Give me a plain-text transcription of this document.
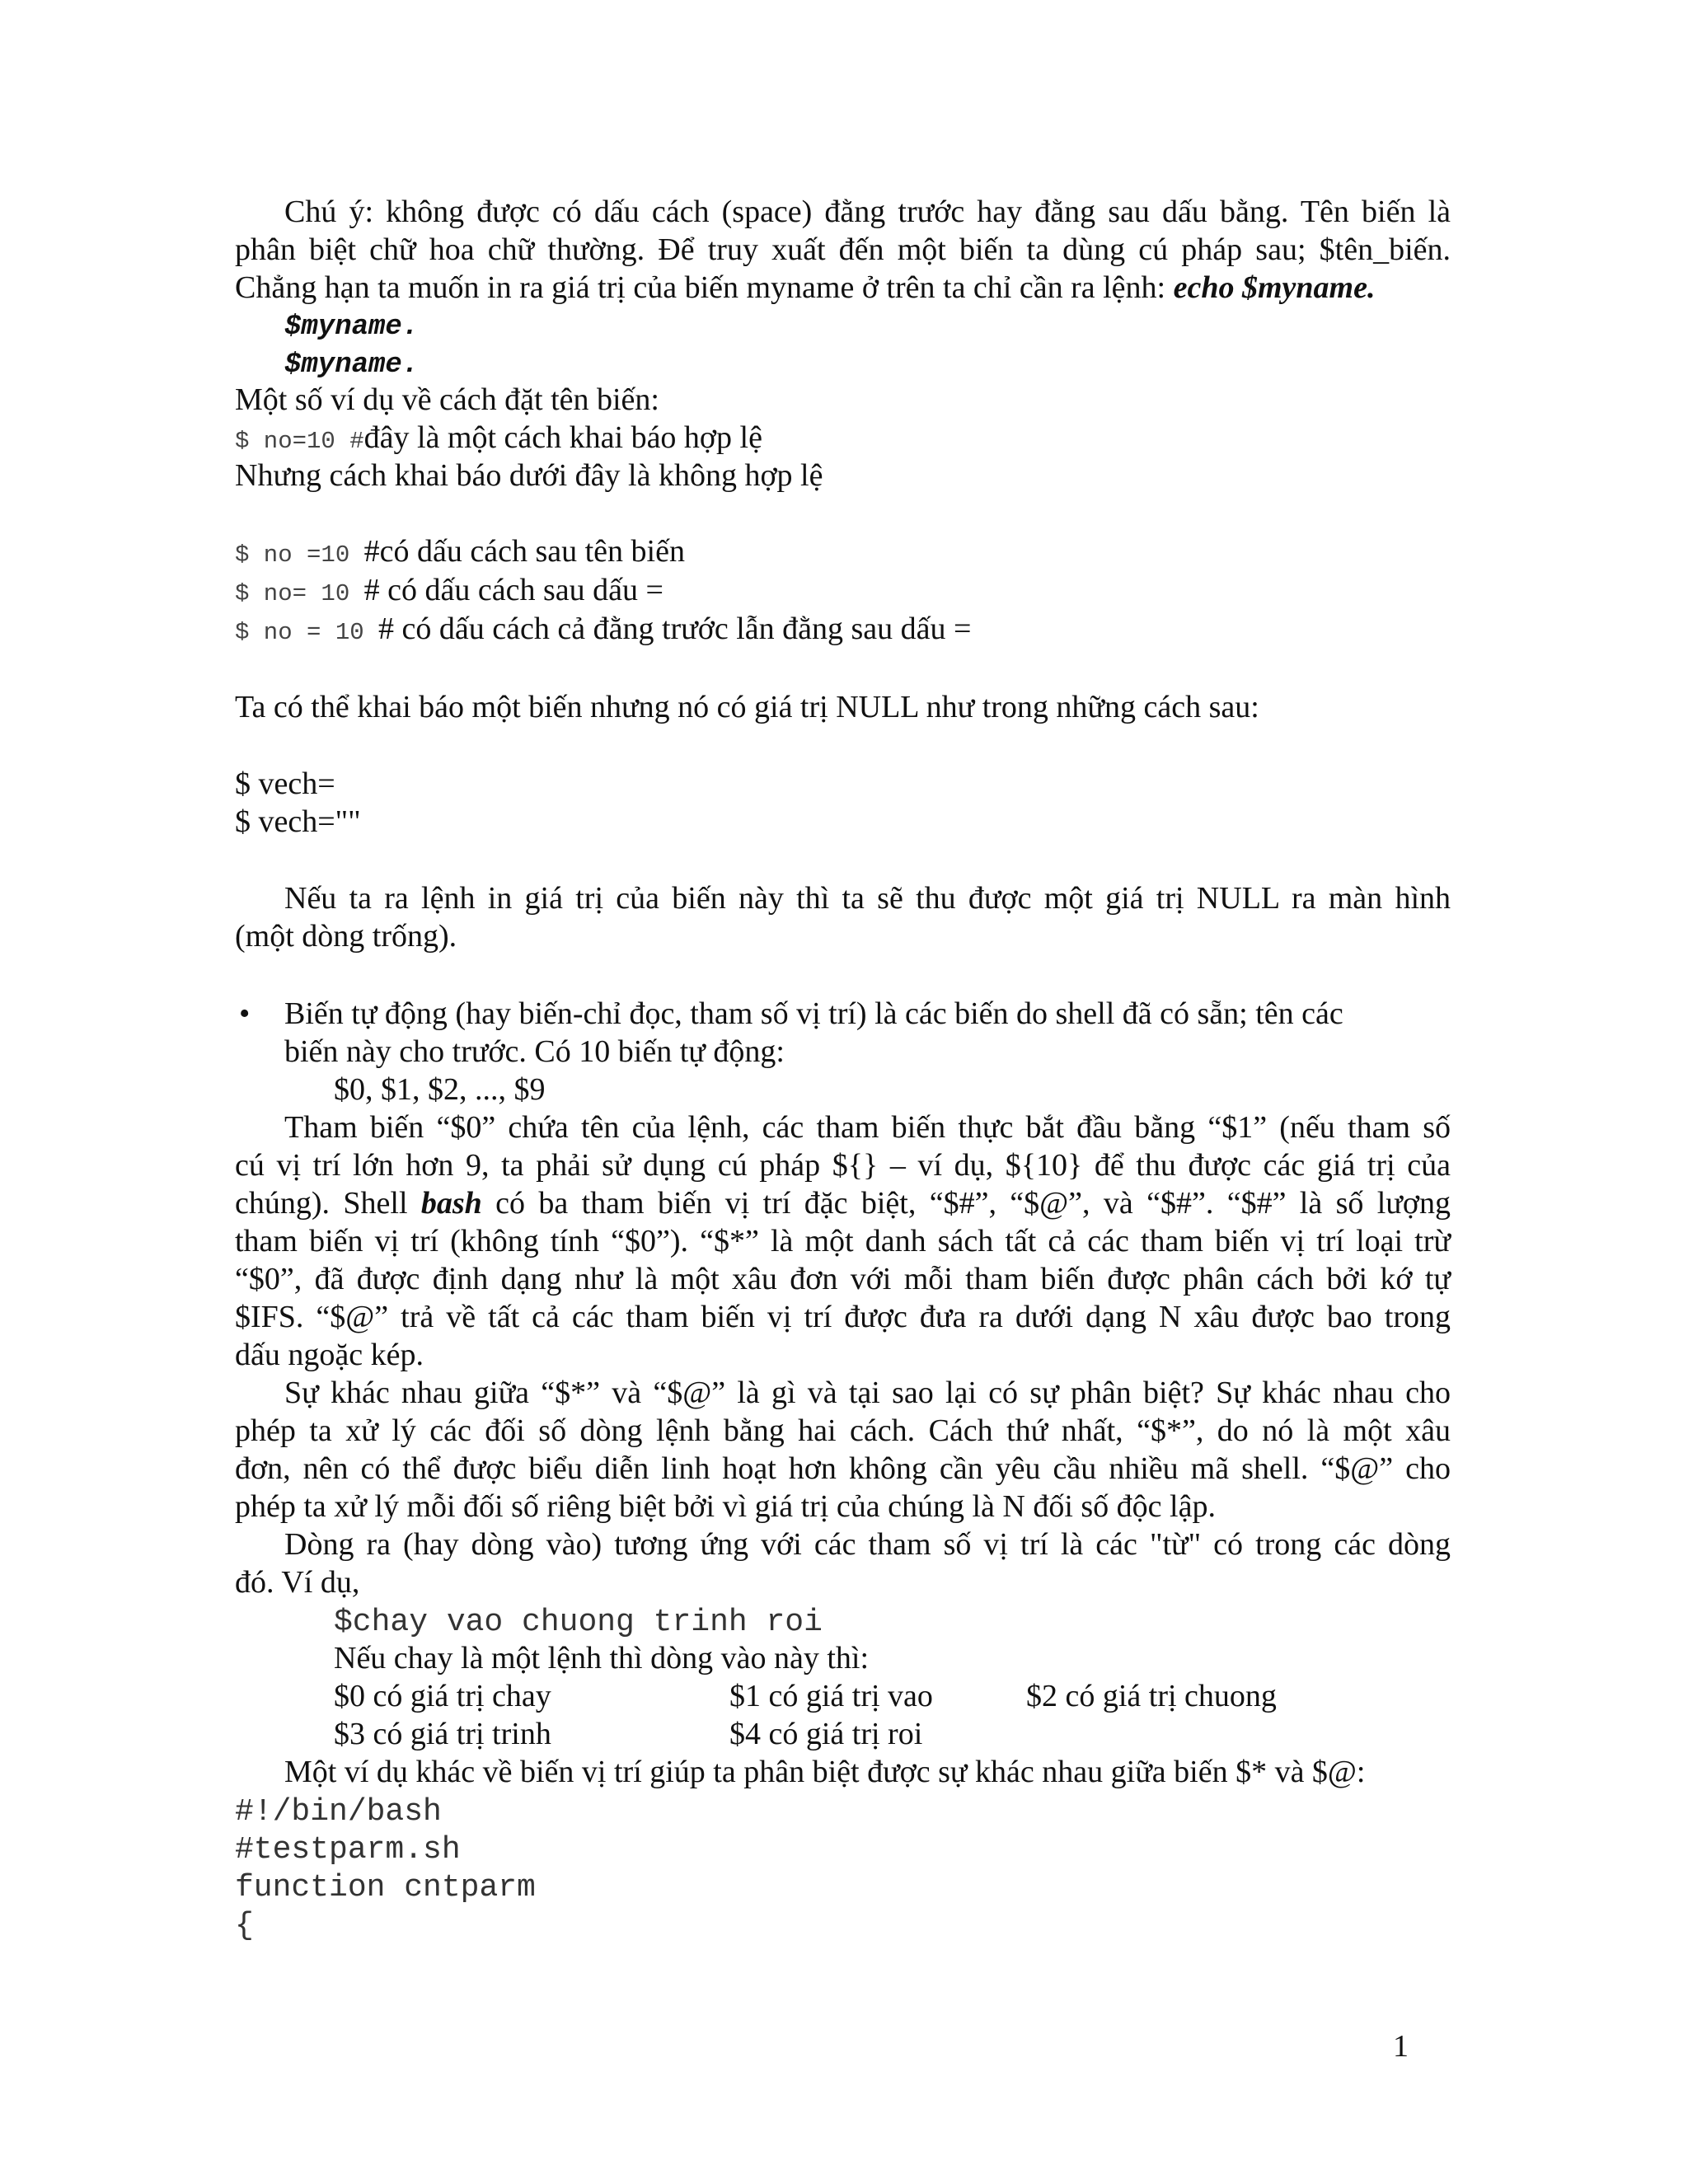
Chú ý: không được có dấu cách (space) đằng trước hay đằng sau dấu bằng. Tên biến là
phân biệt chữ hoa chữ thường. Để truy xuất đến một biến ta dùng cú pháp sau; $tên_biến.
Chẳng hạn ta muốn in ra giá trị của biến myname ở trên ta chỉ cần ra lệnh: echo $myname.
$myname.
$myname.
Một số ví dụ về cách đặt tên biến:
$ no=10 #đây là một cách khai báo hợp lệ
Nhưng cách khai báo dưới đây là không hợp lệ
$ no =10 #có dấu cách sau tên biến
$ no= 10 # có dấu cách sau dấu =
$ no = 10 # có dấu cách cả đằng trước lẫn đằng sau dấu =
Ta có thể khai báo một biến nhưng nó có giá trị NULL như trong những cách sau:
$ vech=
$ vech=""
Nếu ta ra lệnh in giá trị của biến này thì ta sẽ thu được một giá trị NULL ra màn hình
(một dòng trống).
• Biến tự động (hay biến-chỉ đọc, tham số vị trí) là các biến do shell đã có sẵn; tên các
biến này cho trước. Có 10 biến tự động:
$0, $1, $2, ..., $9
Tham biến “$0” chứa tên của lệnh, các tham biến thực bắt đầu bằng “$1” (nếu tham số
cú vị trí lớn hơn 9, ta phải sử dụng cú pháp ${} – ví dụ, ${10} để thu được các giá trị của
chúng). Shell bash có ba tham biến vị trí đặc biệt, “$#”, “$@”, và “$#”. “$#” là số lượng
tham biến vị trí (không tính “$0”). “$*” là một danh sách tất cả các tham biến vị trí loại trừ
“$0”, đã được định dạng như là một xâu đơn với mỗi tham biến được phân cách bởi kớ tự
$IFS. “$@” trả về tất cả các tham biến vị trí được đưa ra dưới dạng N xâu được bao trong
dấu ngoặc kép.
Sự khác nhau giữa “$*” và “$@” là gì và tại sao lại có sự phân biệt? Sự khác nhau cho
phép ta xử lý các đối số dòng lệnh bằng hai cách. Cách thứ nhất, “$*”, do nó là một xâu
đơn, nên có thể được biểu diễn linh hoạt hơn không cần yêu cầu nhiều mã shell. “$@” cho
phép ta xử lý mỗi đối số riêng biệt bởi vì giá trị của chúng là N đối số độc lập.
Dòng ra (hay dòng vào) tương ứng với các tham số vị trí là các "từ" có trong các dòng
đó. Ví dụ,
$chay vao chuong trinh roi
Nếu chay là một lệnh thì dòng vào này thì:
$0 có giá trị chay	$1 có giá trị vao	$2 có giá trị chuong
$3 có giá trị trinh	$4 có giá trị roi
Một ví dụ khác về biến vị trí giúp ta phân biệt được sự khác nhau giữa biến $* và $@:
#!/bin/bash
#testparm.sh
function cntparm
{
1
